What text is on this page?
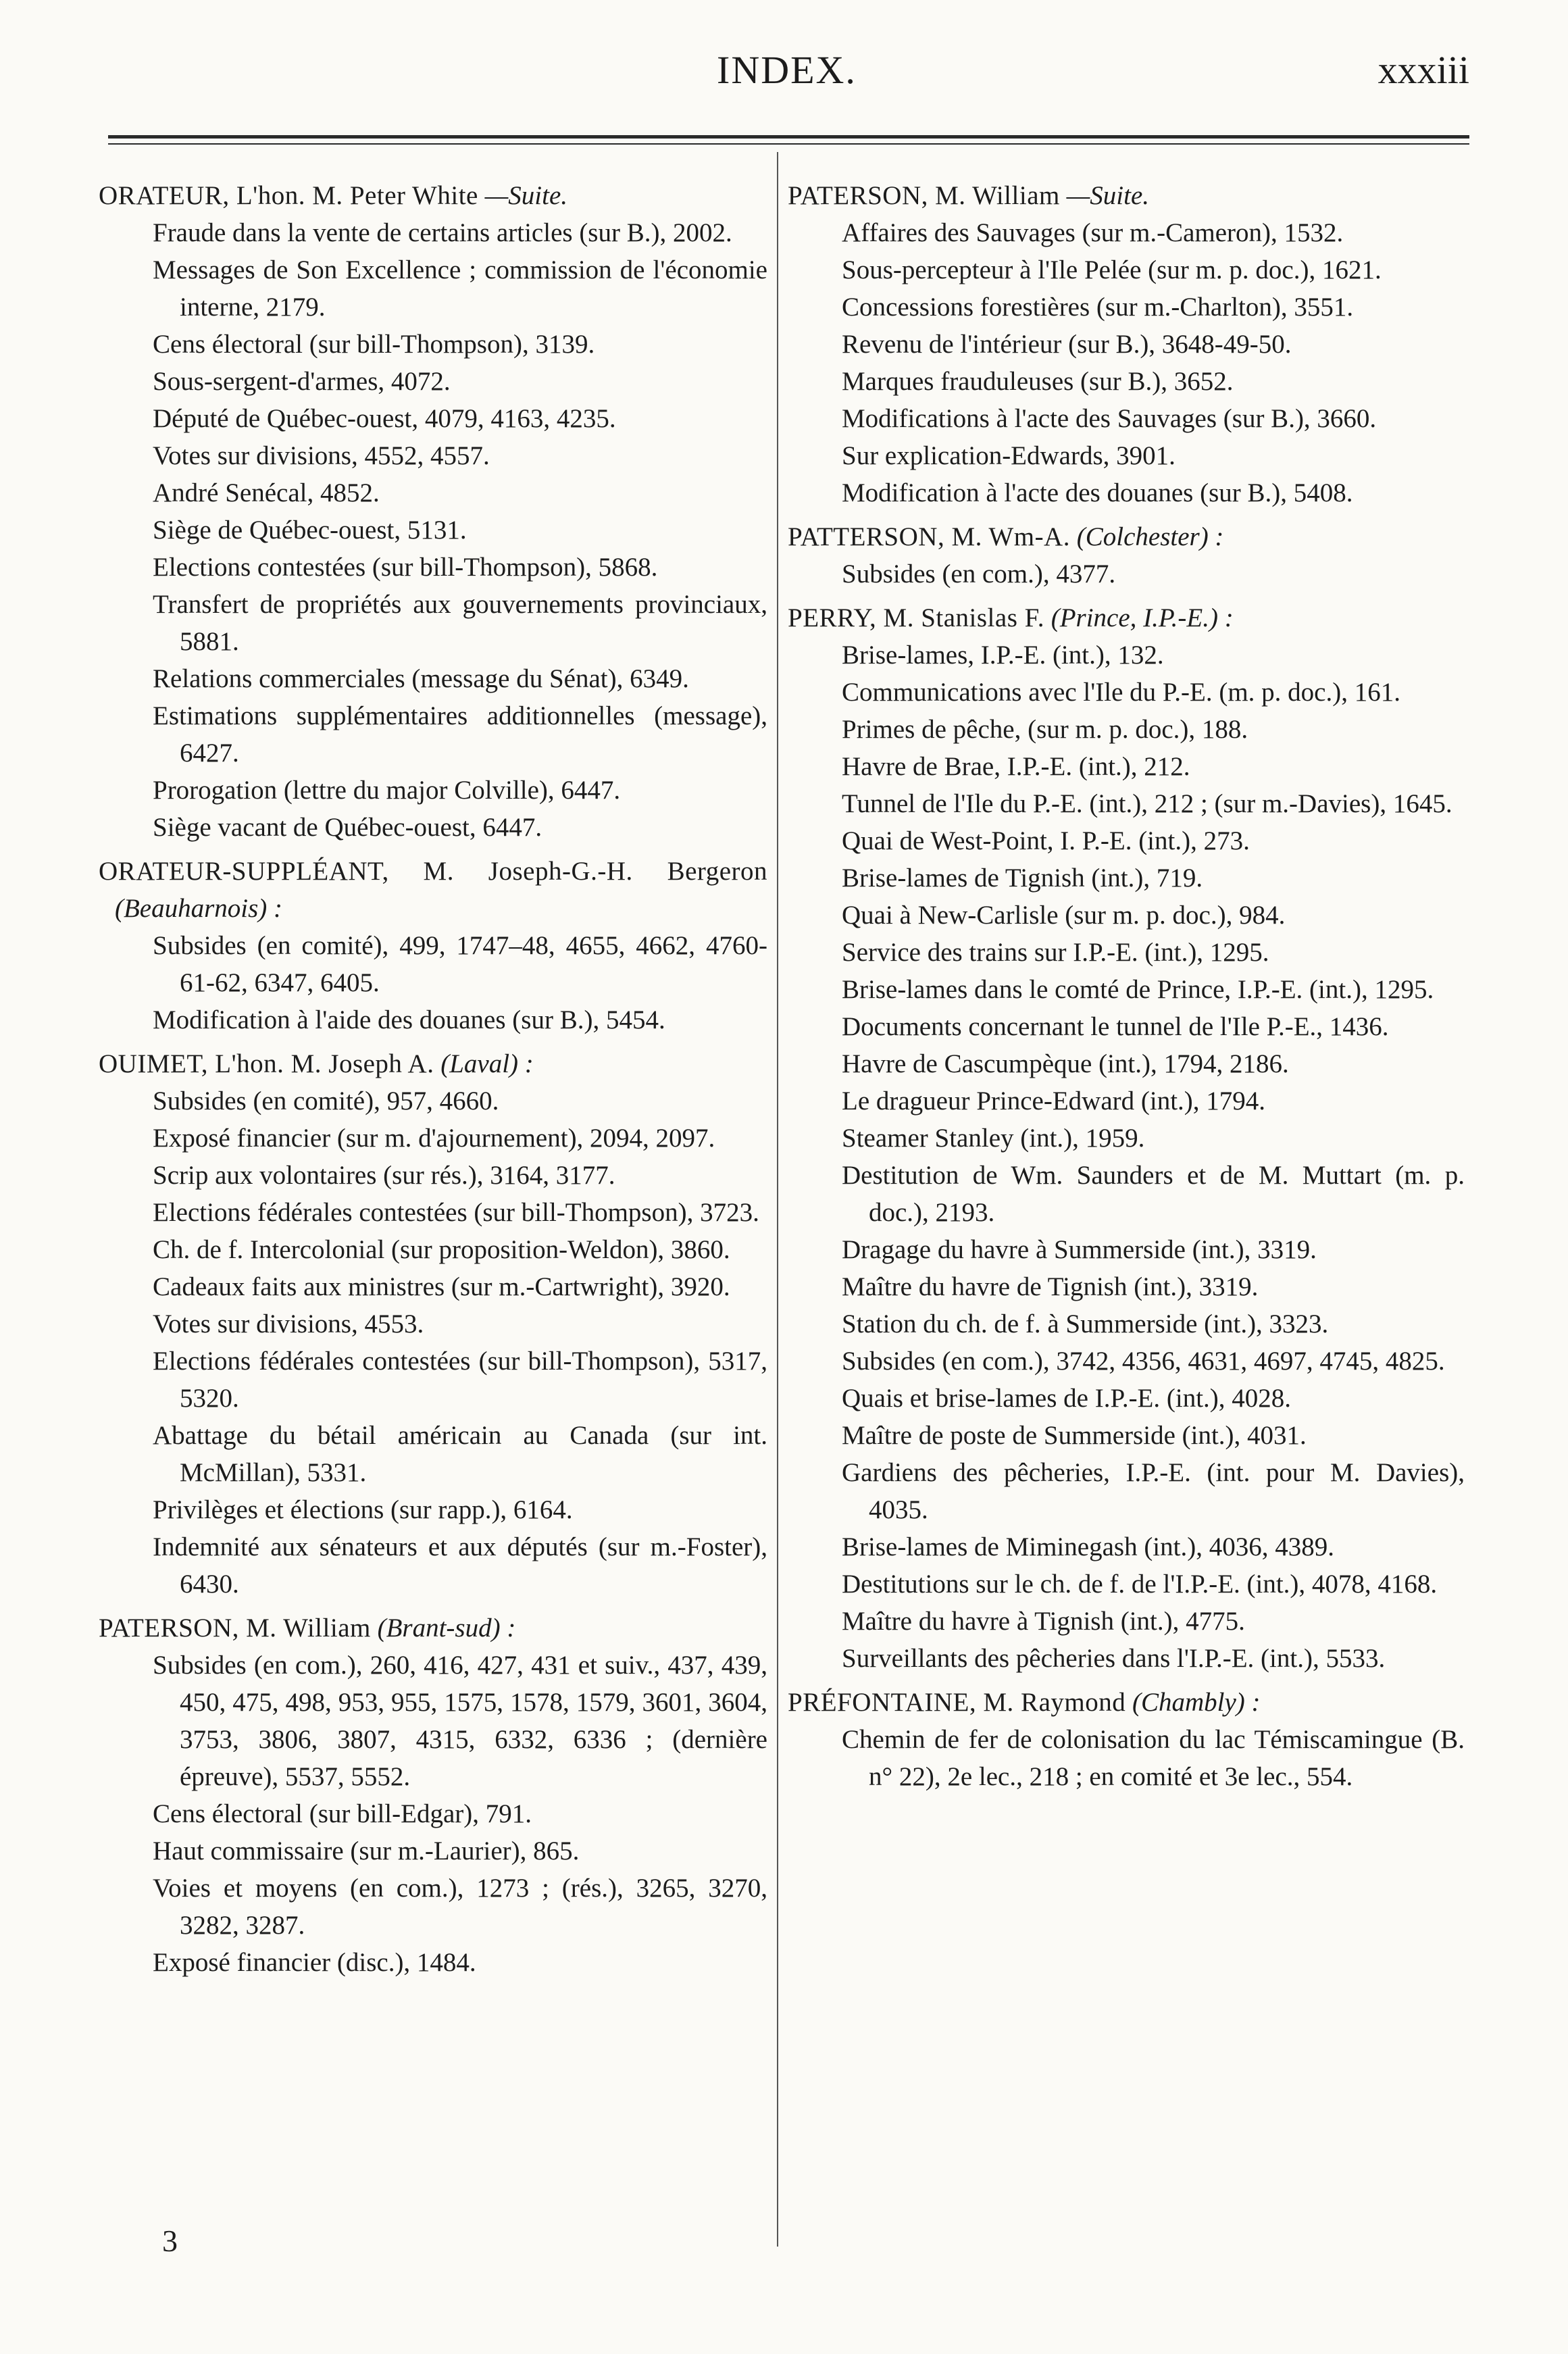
INDEX.	xxxiii
ORATEUR, L'hon. M. Peter White —Suite.
Fraude dans la vente de certains articles (sur B.), 2002.
Messages de Son Excellence ; commission de l'économie interne, 2179.
Cens électoral (sur bill-Thompson), 3139.
Sous-sergent-d'armes, 4072.
Député de Québec-ouest, 4079, 4163, 4235.
Votes sur divisions, 4552, 4557.
André Senécal, 4852.
Siège de Québec-ouest, 5131.
Elections contestées (sur bill-Thompson), 5868.
Transfert de propriétés aux gouvernements provinciaux, 5881.
Relations commerciales (message du Sénat), 6349.
Estimations supplémentaires additionnelles (message), 6427.
Prorogation (lettre du major Colville), 6447.
Siège vacant de Québec-ouest, 6447.
ORATEUR-SUPPLÉANT, M. Joseph-G.-H. Bergeron (Beauharnois) :
Subsides (en comité), 499, 1747–48, 4655, 4662, 4760-61-62, 6347, 6405.
Modification à l'aide des douanes (sur B.), 5454.
OUIMET, L'hon. M. Joseph A. (Laval) :
Subsides (en comité), 957, 4660.
Exposé financier (sur m. d'ajournement), 2094, 2097.
Scrip aux volontaires (sur rés.), 3164, 3177.
Elections fédérales contestées (sur bill-Thompson), 3723.
Ch. de f. Intercolonial (sur proposition-Weldon), 3860.
Cadeaux faits aux ministres (sur m.-Cartwright), 3920.
Votes sur divisions, 4553.
Elections fédérales contestées (sur bill-Thompson), 5317, 5320.
Abattage du bétail américain au Canada (sur int. McMillan), 5331.
Privilèges et élections (sur rapp.), 6164.
Indemnité aux sénateurs et aux députés (sur m.-Foster), 6430.
PATERSON, M. William (Brant-sud) :
Subsides (en com.), 260, 416, 427, 431 et suiv., 437, 439, 450, 475, 498, 953, 955, 1575, 1578, 1579, 3601, 3604, 3753, 3806, 3807, 4315, 6332, 6336 ; (dernière épreuve), 5537, 5552.
Cens électoral (sur bill-Edgar), 791.
Haut commissaire (sur m.-Laurier), 865.
Voies et moyens (en com.), 1273 ; (rés.), 3265, 3270, 3282, 3287.
Exposé financier (disc.), 1484.
PATERSON, M. William —Suite.
Affaires des Sauvages (sur m.-Cameron), 1532.
Sous-percepteur à l'Ile Pelée (sur m. p. doc.), 1621.
Concessions forestières (sur m.-Charlton), 3551.
Revenu de l'intérieur (sur B.), 3648-49-50.
Marques frauduleuses (sur B.), 3652.
Modifications à l'acte des Sauvages (sur B.), 3660.
Sur explication-Edwards, 3901.
Modification à l'acte des douanes (sur B.), 5408.
PATTERSON, M. Wm-A. (Colchester) :
Subsides (en com.), 4377.
PERRY, M. Stanislas F. (Prince, I.P.-E.) :
Brise-lames, I.P.-E. (int.), 132.
Communications avec l'Ile du P.-E. (m. p. doc.), 161.
Primes de pêche, (sur m. p. doc.), 188.
Havre de Brae, I.P.-E. (int.), 212.
Tunnel de l'Ile du P.-E. (int.), 212 ; (sur m.-Davies), 1645.
Quai de West-Point, I. P.-E. (int.), 273.
Brise-lames de Tignish (int.), 719.
Quai à New-Carlisle (sur m. p. doc.), 984.
Service des trains sur I.P.-E. (int.), 1295.
Brise-lames dans le comté de Prince, I.P.-E. (int.), 1295.
Documents concernant le tunnel de l'Ile P.-E., 1436.
Havre de Cascumpèque (int.), 1794, 2186.
Le dragueur Prince-Edward (int.), 1794.
Steamer Stanley (int.), 1959.
Destitution de Wm. Saunders et de M. Muttart (m. p. doc.), 2193.
Dragage du havre à Summerside (int.), 3319.
Maître du havre de Tignish (int.), 3319.
Station du ch. de f. à Summerside (int.), 3323.
Subsides (en com.), 3742, 4356, 4631, 4697, 4745, 4825.
Quais et brise-lames de I.P.-E. (int.), 4028.
Maître de poste de Summerside (int.), 4031.
Gardiens des pêcheries, I.P.-E. (int. pour M. Davies), 4035.
Brise-lames de Miminegash (int.), 4036, 4389.
Destitutions sur le ch. de f. de l'I.P.-E. (int.), 4078, 4168.
Maître du havre à Tignish (int.), 4775.
Surveillants des pêcheries dans l'I.P.-E. (int.), 5533.
PRÉFONTAINE, M. Raymond (Chambly) :
Chemin de fer de colonisation du lac Témiscamingue (B. n° 22), 2e lec., 218 ; en comité et 3e lec., 554.
3
